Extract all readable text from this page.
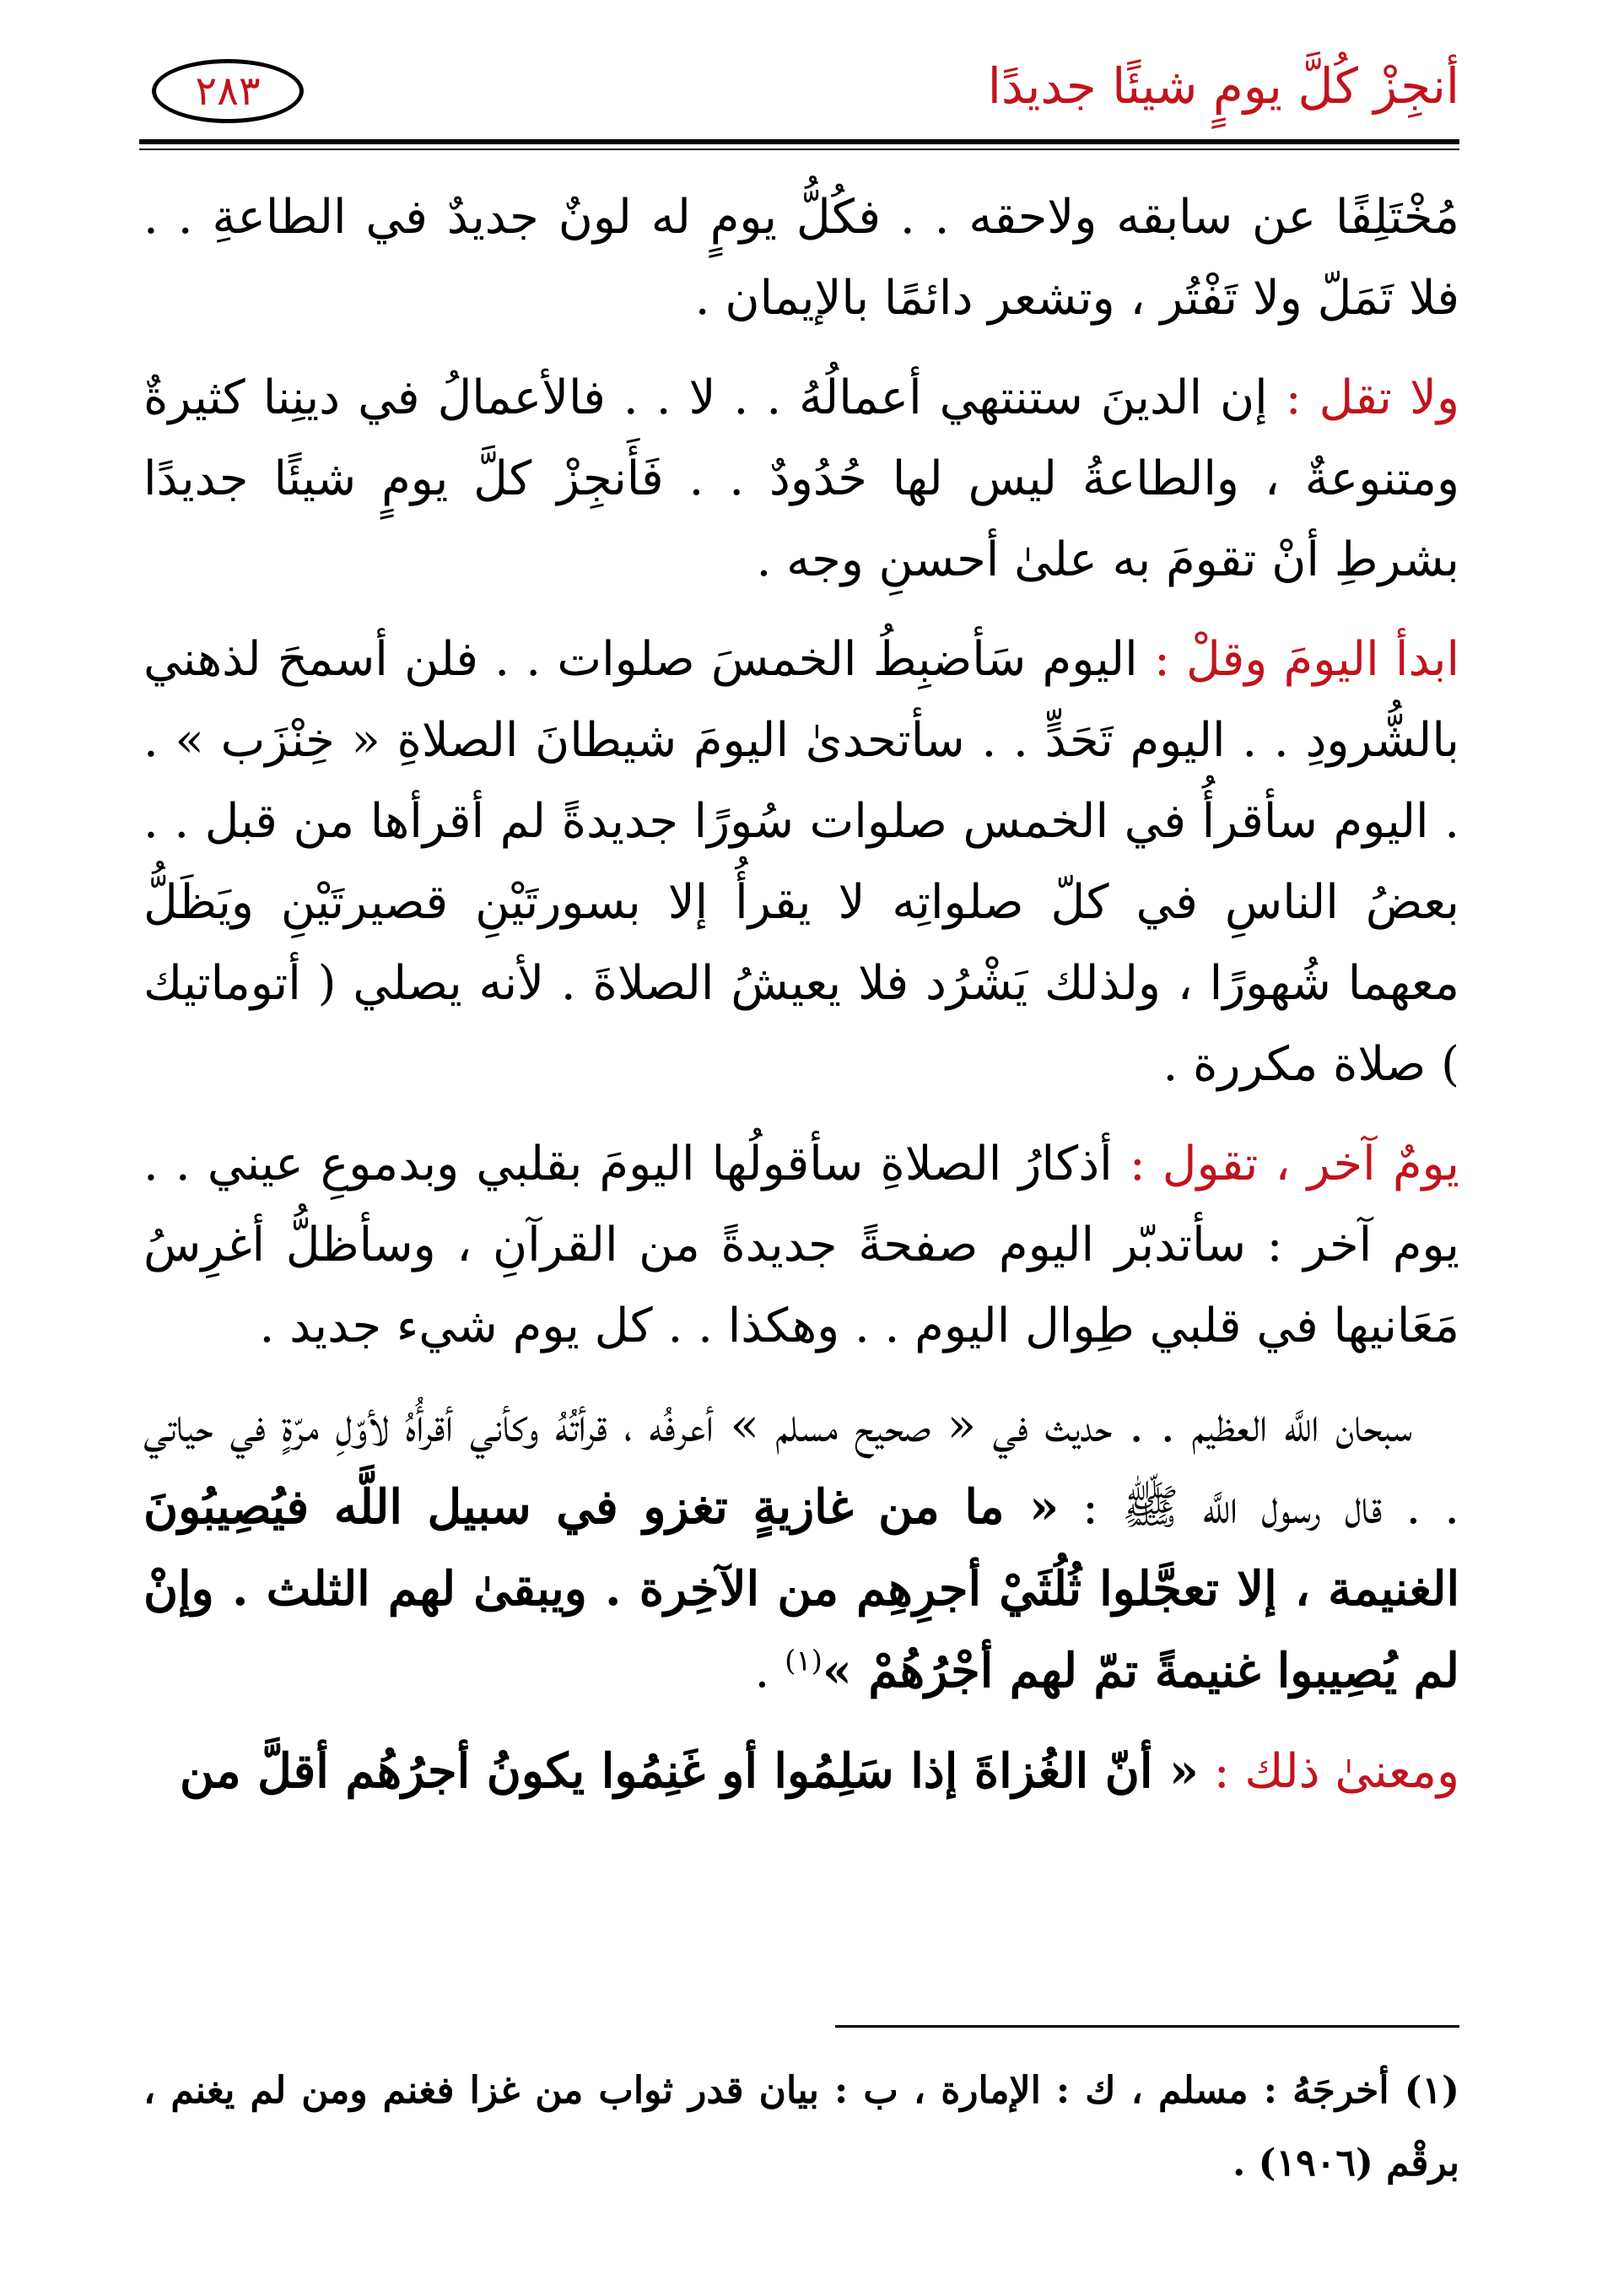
أنجِزْ كُلَّ يومٍ شيئًا جديدًا
٢٨٣

مُخْتَلِفًا عن سابقه ولاحقه . . فكُلُّ يومٍ له لونٌ جديدٌ في الطاعةِ . . فلا تَمَلّ ولا تَفْتُر ، وتشعر دائمًا بالإيمان .

ولا تقل : إن الدينَ ستنتهي أعمالُهُ . . لا . . فالأعمالُ في دينِنا كثيرةٌ ومتنوعةٌ ، والطاعةُ ليس لها حُدُودٌ . . فَأَنجِزْ كلَّ يومٍ شيئًا جديدًا بشرطِ أنْ تقومَ به علىٰ أحسنِ وجه .

ابدأ اليومَ وقلْ : اليوم سَأضبِطُ الخمسَ صلوات . . فلن أسمحَ لذهني بالشُّرودِ . . اليوم تَحَدٍّ . . سأتحدىٰ اليومَ شيطانَ الصلاةِ « خِنْزَب » . . اليوم سأقرأُ في الخمس صلوات سُورًا جديدةً لم أقرأها من قبل . . بعضُ الناسِ في كلّ صلواتِه لا يقرأُ إلا بسورتَيْنِ قصيرتَيْنِ ويَظَلُّ معهما شُهورًا ، ولذلك يَشْرُد فلا يعيشُ الصلاةَ . لأنه يصلي ( أتوماتيك ) صلاة مكررة .

يومٌ آخر ، تقول : أذكارُ الصلاةِ سأقولُها اليومَ بقلبي وبدموعِ عيني . . يوم آخر : سأتدبّر اليوم صفحةً جديدةً من القرآنِ ، وسأظلُّ أغرِسُ مَعَانيها في قلبي طِوال اليوم . . وهكذا . . كل يوم شيء جديد .

سبحان اللَّه العظيم . . حديث في « صحيح مسلم » أعرفُه ، قرأتُهُ وكأني أقرأُهُ لأوّلِ مرّةٍ في حياتي . . قال رسول اللَّه ﷺ : « ما من غازيةٍ تغزو في سبيل اللَّه فيُصِيبُونَ الغنيمة ، إلا تعجَّلوا ثُلُثَيْ أجرِهِم من الآخِرة . ويبقىٰ لهم الثلث . وإنْ لم يُصِيبوا غنيمةً تمّ لهم أجْرُهُمْ »$^{(١)}$ .

ومعنىٰ ذلك : « أنّ الغُزاةَ إذا سَلِمُوا أو غَنِمُوا يكونُ أجرُهُم أقلَّ من

(١) أخرجَهُ : مسلم ، ك : الإمارة ، ب : بيان قدر ثواب من غزا فغنم ومن لم يغنم ، برقْم (١٩٠٦) .
